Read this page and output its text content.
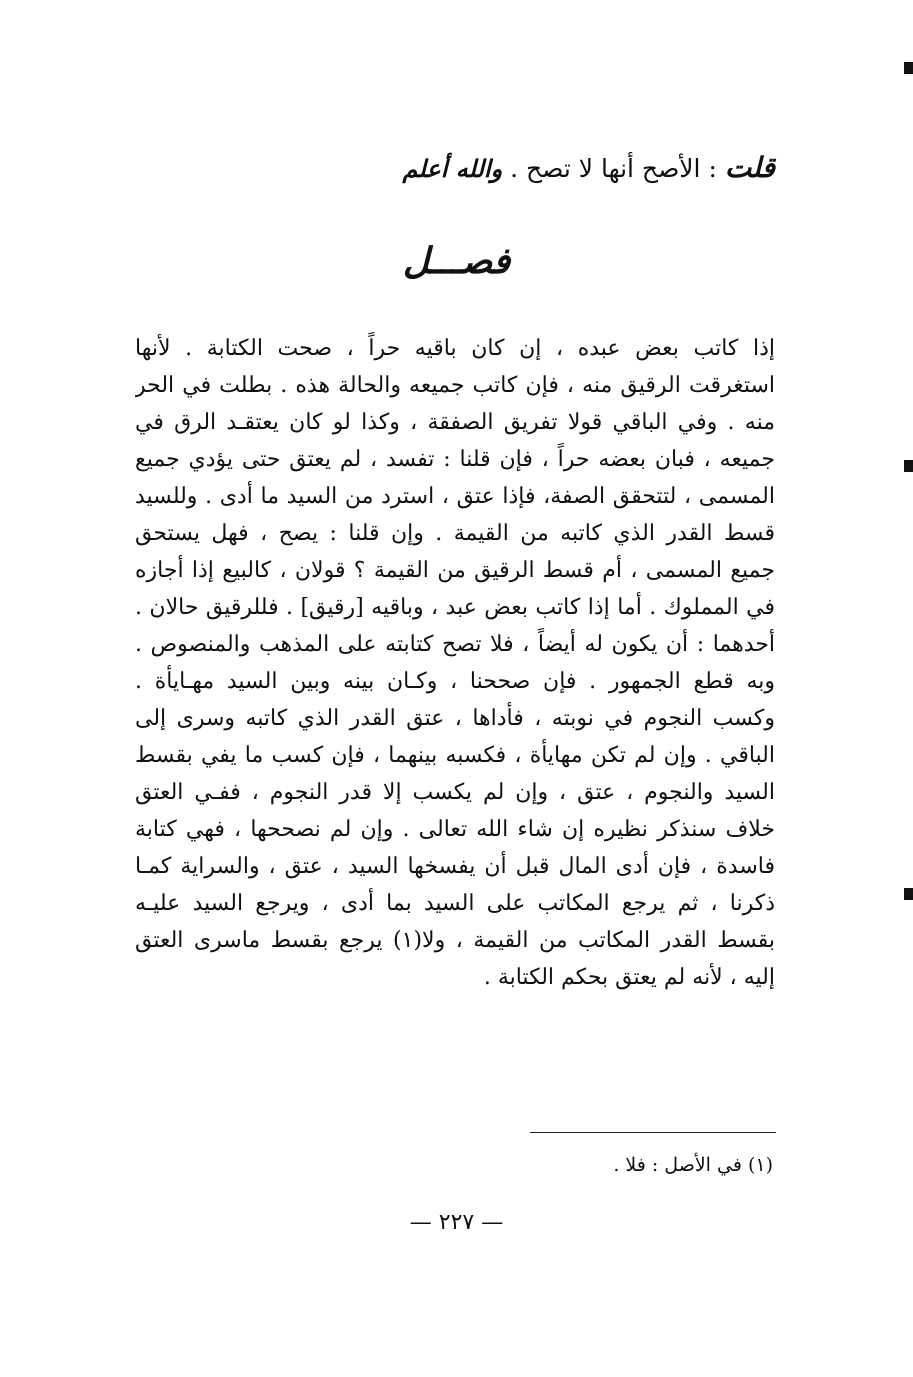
قلت : الأصح أنها لا تصح . والله أعلم
فصـــل
إذا كاتب بعض عبده ، إن كان باقيه حراً ، صحت الكتابة . لأنها
استغرقت الرقيق منه ، فإن كاتب جميعه والحالة هذه . بطلت في الحر
منه . وفي الباقي قولا تفريق الصفقة ، وكذا لو كان يعتقـد الرق في
جميعه ، فبان بعضه حراً ، فإن قلنا : تفسد ، لم يعتق حتى يؤدي جميع
المسمى ، لتتحقق الصفة، فإذا عتق ، استرد من السيد ما أدى . وللسيد
قسط القدر الذي كاتبه من القيمة . وإن قلنا : يصح ، فهل يستحق
جميع المسمى ، أم قسط الرقيق من القيمة ؟ قولان ، كالبيع إذا أجازه
في المملوك . أما إذا كاتب بعض عبد ، وباقيه [رقيق] . فللرقيق حالان .
أحدهما : أن يكون له أيضاً ، فلا تصح كتابته على المذهب والمنصوص .
وبه قطع الجمهور . فإن صححنا ، وكـان بينه وبين السيد مهـايأة .
وكسب النجوم في نوبته ، فأداها ، عتق القدر الذي كاتبه وسرى إلى
الباقي . وإن لم تكن مهايأة ، فكسبه بينهما ، فإن كسب ما يفي بقسط
السيد والنجوم ، عتق ، وإن لم يكسب إلا قدر النجوم ، ففـي العتق
خلاف سنذكر نظيره إن شاء الله تعالى . وإن لم نصححها ، فهي كتابة
فاسدة ، فإن أدى المال قبل أن يفسخها السيد ، عتق ، والسراية كمـا
ذكرنا ، ثم يرجع المكاتب على السيد بما أدى ، ويرجع السيد عليـه
بقسط القدر المكاتب من القيمة ، ولا(١) يرجع بقسط ماسرى العتق
إليه ، لأنه لم يعتق بحكم الكتابة .
(١) في الأصل : فلا .
— ٢٢٧ —
